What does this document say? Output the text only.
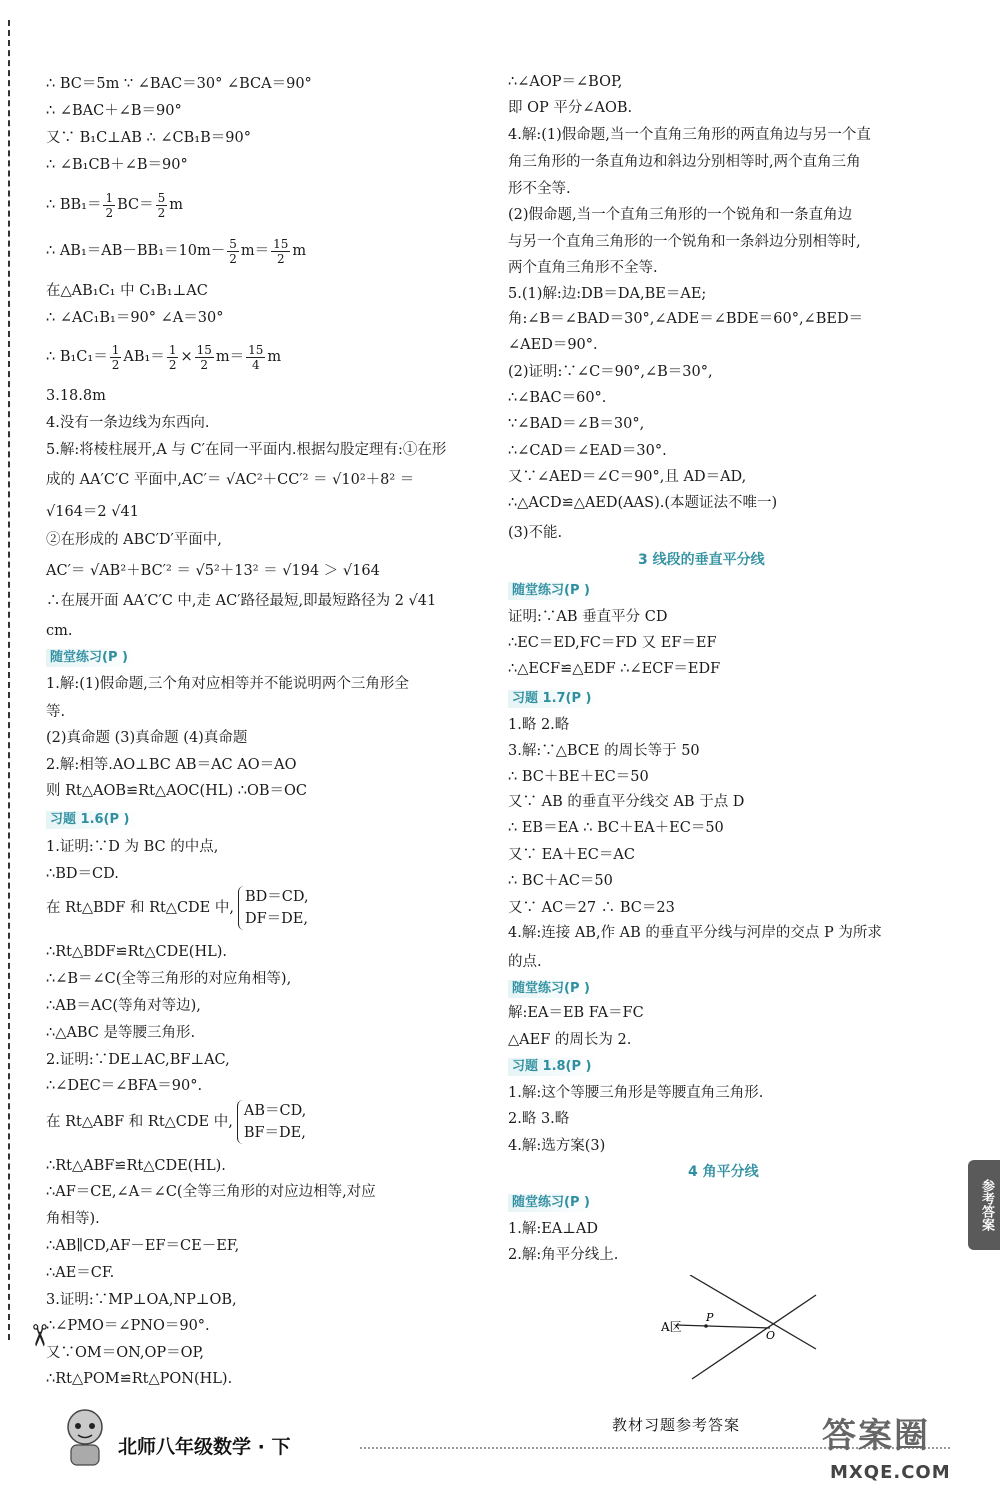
✂
∴ BC＝5m ∵ ∠BAC＝30° ∠BCA＝90°
∴ ∠BAC＋∠B＝90°
又∵ B₁C⊥AB ∴ ∠CB₁B＝90°
∴ ∠B₁CB＋∠B＝90°
∴ $BB_1= \frac{1}{2} BC= \frac{5}{2}$ m
∴ $AB_1=AB-BB_1=10m- \frac{5}{2} m= \frac{15}{2}$ m
在△AB₁C₁ 中 C₁B₁⊥AC
∴ ∠AC₁B₁＝90° ∠A＝30°
∴ $B_1C_1= \frac{1}{2} AB_1= \frac{1}{2} \times \frac{15}{2} m= \frac{15}{4}$ m
3.18.8m
4.没有一条边线为东西向.
5.解:将棱柱展开,A 与 C′在同一平面内.根据勾股定理有:①在形
成的 AA′C′C 平面中,AC′＝ √AC²＋CC′² ＝ √10²＋8² ＝
√164＝2 √41
②在形成的 ABC′D′平面中,
AC′＝ √AB²＋BC′² ＝ √5²＋13² ＝ √194 ＞ √164
∴在展开面 AA′C′C 中,走 AC′路径最短,即最短路径为 2 √41
cm.
随堂练习(P )
1.解:(1)假命题,三个角对应相等并不能说明两个三角形全
等.
(2)真命题 (3)真命题 (4)真命题
2.解:相等.AO⊥BC AB＝AC AO＝AO
则 Rt△AOB≌Rt△AOC(HL) ∴OB＝OC
习题 1.6(P )
1.证明:∵D 为 BC 的中点,
∴BD＝CD.
在 Rt△BDF 和 Rt△CDE 中,
BD＝CD,
DF＝DE,
∴Rt△BDF≌Rt△CDE(HL).
∴∠B＝∠C(全等三角形的对应角相等),
∴AB＝AC(等角对等边),
∴△ABC 是等腰三角形.
2.证明:∵DE⊥AC,BF⊥AC,
∴∠DEC＝∠BFA＝90°.
在 Rt△ABF 和 Rt△CDE 中,
AB＝CD,
BF＝DE,
∴Rt△ABF≌Rt△CDE(HL).
∴AF＝CE,∠A＝∠C(全等三角形的对应边相等,对应
角相等).
∴AB∥CD,AF－EF＝CE－EF,
∴AE＝CF.
3.证明:∵MP⊥OA,NP⊥OB,
∴∠PMO＝∠PNO＝90°.
又∵OM＝ON,OP＝OP,
∴Rt△POM≌Rt△PON(HL).
∴∠AOP＝∠BOP,
即 OP 平分∠AOB.
4.解:(1)假命题,当一个直角三角形的两直角边与另一个直
角三角形的一条直角边和斜边分别相等时,两个直角三角
形不全等.
(2)假命题,当一个直角三角形的一个锐角和一条直角边
与另一个直角三角形的一个锐角和一条斜边分别相等时,
两个直角三角形不全等.
5.(1)解:边:DB＝DA,BE＝AE;
角:∠B＝∠BAD＝30°,∠ADE＝∠BDE＝60°,∠BED＝
∠AED＝90°.
(2)证明:∵∠C＝90°,∠B＝30°,
∴∠BAC＝60°.
∵∠BAD＝∠B＝30°,
∴∠CAD＝∠EAD＝30°.
又∵∠AED＝∠C＝90°,且 AD＝AD,
∴△ACD≌△AED(AAS).(本题证法不唯一)
(3)不能.
3 线段的垂直平分线
随堂练习(P )
证明:∵AB 垂直平分 CD
∴EC＝ED,FC＝FD 又 EF＝EF
∴△ECF≌△EDF ∴∠ECF＝EDF
习题 1.7(P )
1.略 2.略
3.解:∵△BCE 的周长等于 50
∴ BC＋BE＋EC＝50
又∵ AB 的垂直平分线交 AB 于点 D
∴ EB＝EA ∴ BC＋EA＋EC＝50
又∵ EA＋EC＝AC
∴ BC＋AC＝50
又∵ AC＝27 ∴ BC＝23
4.解:连接 AB,作 AB 的垂直平分线与河岸的交点 P 为所求
的点.
随堂练习(P )
解:EA＝EB FA＝FC
△AEF 的周长为 2.
习题 1.8(P )
1.解:这个等腰三角形是等腰直角三角形.
2.略 3.略
4.解:选方案(3)
4 角平分线
随堂练习(P )
1.解:EA⊥AD
2.解:角平分线上.
A区
P
O
参考答案
北师八年级数学 · 下
教材习题参考答案 答案圈
MXQE.COM
